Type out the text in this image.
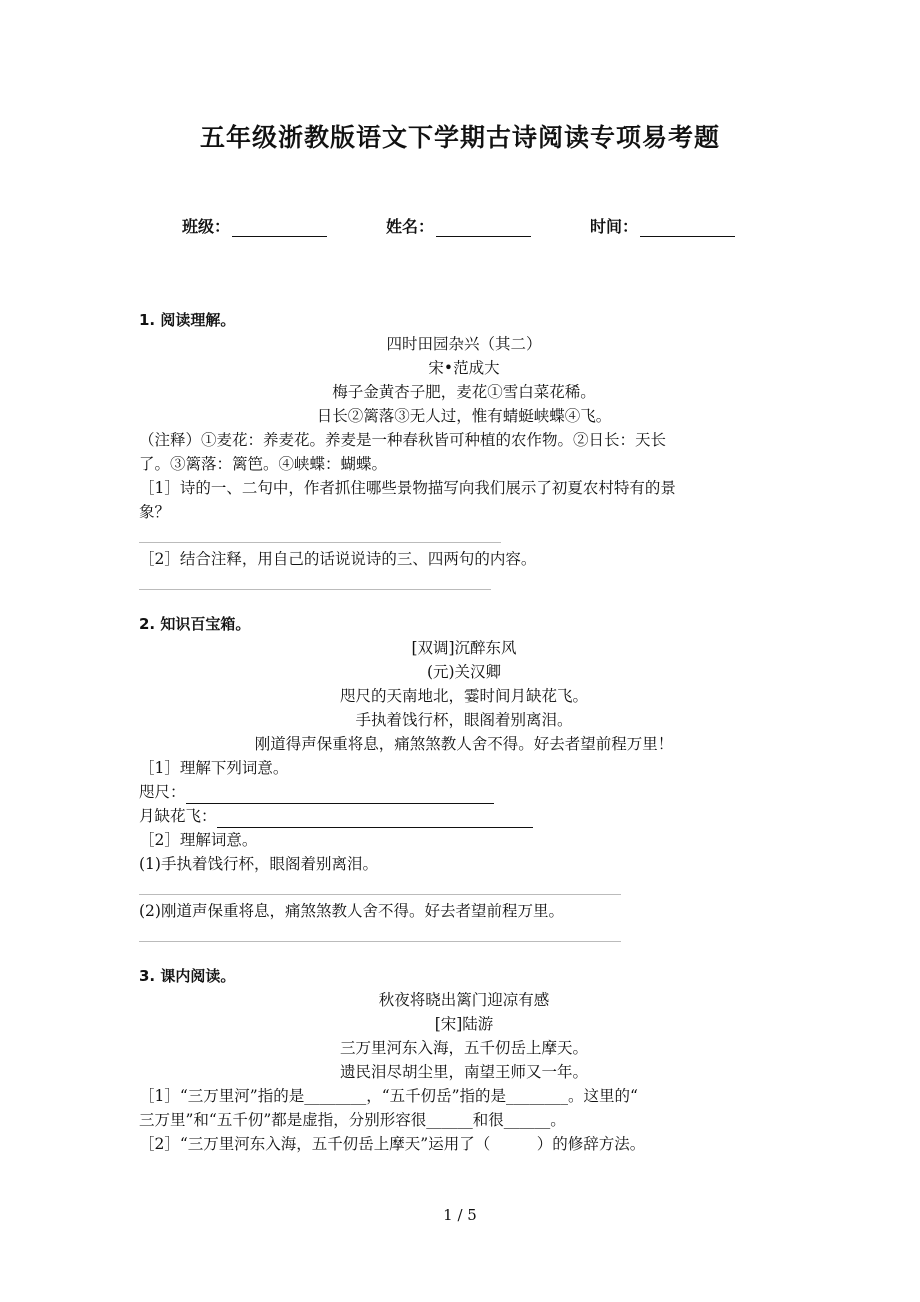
五年级浙教版语文下学期古诗阅读专项易考题
班级：	姓名：	时间：
1. 阅读理解。
四时田园杂兴（其二）
宋•范成大
梅子金黄杏子肥，麦花①雪白菜花稀。
日长②篱落③无人过，惟有蜻蜓峡蝶④飞。
（注释）①麦花：养麦花。养麦是一种春秋皆可种植的农作物。②日长：天长
了。③篱落：篱笆。④峡蝶：蝴蝶。
［1］诗的一、二句中，作者抓住哪些景物描写向我们展示了初夏农村特有的景
象？
［2］结合注释，用自己的话说说诗的三、四两句的内容。
2. 知识百宝箱。
[双调]沉醉东风
(元)关汉卿
咫尺的天南地北，霎时间月缺花飞。
手执着饯行杯，眼阁着别离泪。
刚道得声保重将息，痛煞煞教人舍不得。好去者望前程万里！
［1］理解下列词意。
咫尺：
月缺花飞：
［2］理解词意。
(1)手执着饯行杯，眼阁着别离泪。
(2)刚道声保重将息，痛煞煞教人舍不得。好去者望前程万里。
3. 课内阅读。
秋夜将晓出篱门迎凉有感
[宋]陆游
三万里河东入海，五千仞岳上摩天。
遗民泪尽胡尘里，南望王师又一年。
［1］“三万里河”指的是________，“五千仞岳”指的是________。这里的“
三万里”和“五千仞”都是虚指，分别形容很______和很______。
［2］“三万里河东入海，五千仞岳上摩天”运用了（　　　）的修辞方法。
1 / 5
